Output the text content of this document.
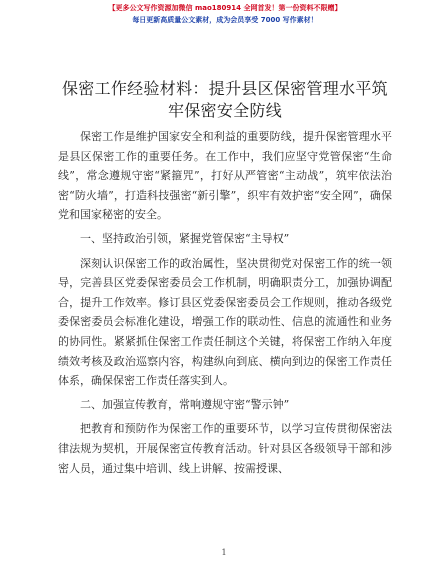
【更多公文写作资源加微信 mao180914 全网首发！第一份资料不限赠】
每日更新高质量公文素材，成为会员享受 7000 写作素材！
保密工作经验材料：提升县区保密管理水平筑牢保密安全防线

保密工作是维护国家安全和利益的重要防线，提升保密管理水平是县区保密工作的重要任务。在工作中，我们应坚守党管保密“生命线”，常念遵规守密“紧箍咒”，打好从严管密“主动战”，筑牢依法治密“防火墙”，打造科技强密“新引擎”，织牢有效护密“安全网”，确保党和国家秘密的安全。

一、坚持政治引领，紧握党管保密“主导权”

深刻认识保密工作的政治属性，坚决贯彻党对保密工作的统一领导，完善县区党委保密委员会工作机制，明确职责分工，加强协调配合，提升工作效率。修订县区党委保密委员会工作规则，推动各级党委保密委员会标准化建设，增强工作的联动性、信息的流通性和业务的协同性。紧紧抓住保密工作责任制这个关键，将保密工作纳入年度绩效考核及政治巡察内容，构建纵向到底、横向到边的保密工作责任体系，确保保密工作责任落实到人。

二、加强宣传教育，常响遵规守密“警示钟”

把教育和预防作为保密工作的重要环节，以学习宣传贯彻保密法律法规为契机，开展保密宣传教育活动。针对县区各级领导干部和涉密人员，通过集中培训、线上讲解、按需授课、

1
